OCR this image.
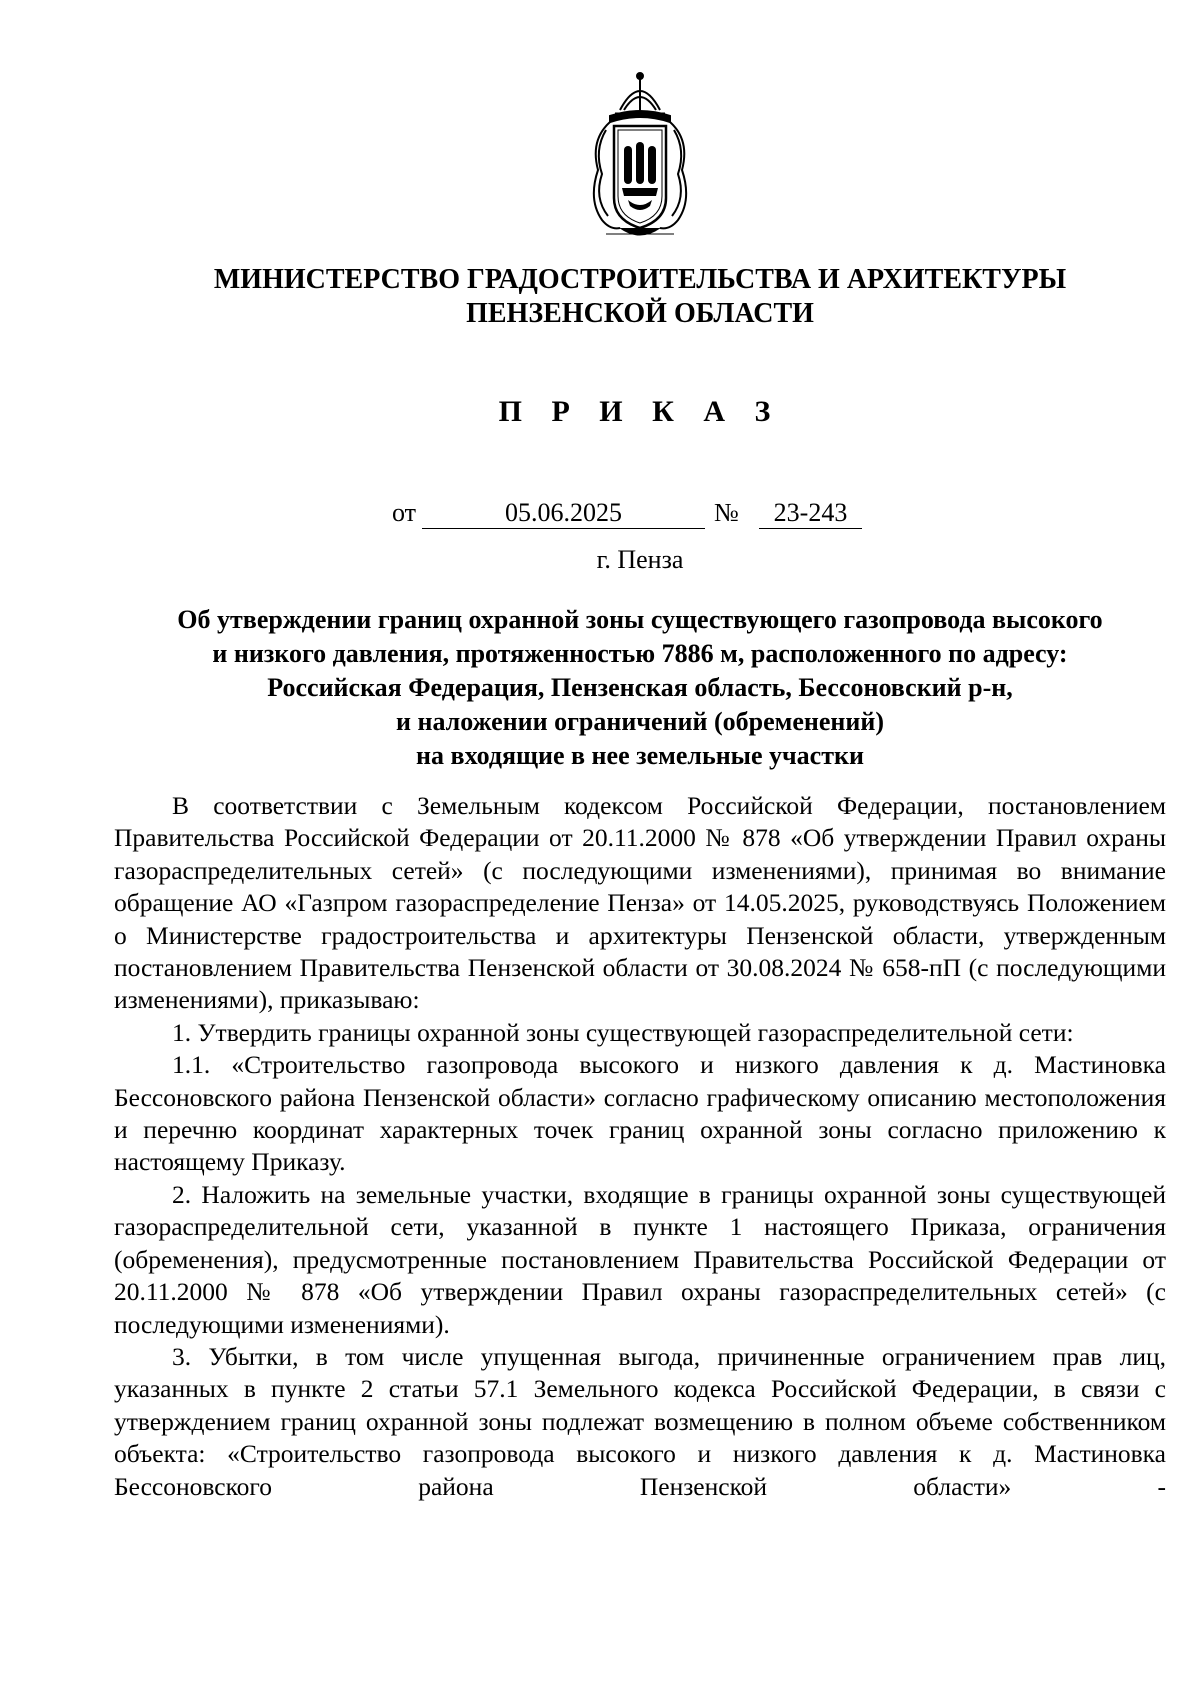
МИНИСТЕРСТВО ГРАДОСТРОИТЕЛЬСТВА И АРХИТЕКТУРЫ
ПЕНЗЕНСКОЙ ОБЛАСТИ
П Р И К А З
от	05.06.2025	№	23-243
г. Пенза
Об утверждении границ охранной зоны существующего газопровода высокого
и низкого давления, протяженностью 7886 м, расположенного по адресу:
Российская Федерация, Пензенская область, Бессоновский р-н,
и наложении ограничений (обременений)
на входящие в нее земельные участки

В соответствии с Земельным кодексом Российской Федерации, постановлением Правительства Российской Федерации от 20.11.2000 № 878 «Об утверждении Правил охраны газораспределительных сетей» (с последующими изменениями), принимая во внимание обращение АО «Газпром газораспределение Пенза» от 14.05.2025, руководствуясь Положением о Министерстве градостроительства и архитектуры Пензенской области, утвержденным постановлением Правительства Пензенской области от 30.08.2024 № 658-пП (с последующими изменениями), приказываю:

1. Утвердить границы охранной зоны существующей газораспределительной сети:

1.1. «Строительство газопровода высокого и низкого давления к д. Мастиновка Бессоновского района Пензенской области» согласно графическому описанию местоположения и перечню координат характерных точек границ охранной зоны согласно приложению к настоящему Приказу.

2. Наложить на земельные участки, входящие в границы охранной зоны существующей газораспределительной сети, указанной в пункте 1 настоящего Приказа, ограничения (обременения), предусмотренные постановлением Правительства Российской Федерации от 20.11.2000 № 878 «Об утверждении Правил охраны газораспределительных сетей» (с последующими изменениями).

3. Убытки, в том числе упущенная выгода, причиненные ограничением прав лиц, указанных в пункте 2 статьи 57.1 Земельного кодекса Российской Федерации, в связи с утверждением границ охранной зоны подлежат возмещению в полном объеме собственником объекта: «Строительство газопровода высокого и низкого давления к д. Мастиновка Бессоновского района Пензенской области» -
